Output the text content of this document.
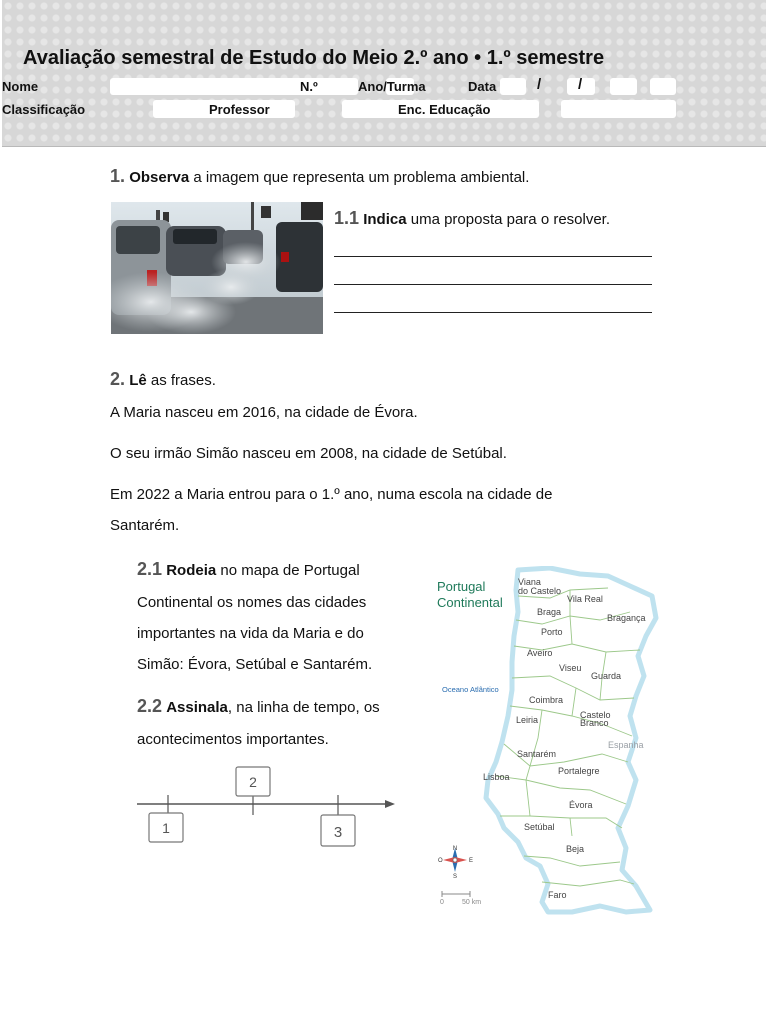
Avaliação semestral de Estudo do Meio 2.º ano • 1.º semestre
Nome	N.º	Ano/Turma	Data	/ /
Classificação	Professor	Enc. Educação
1. Observa a imagem que representa um problema ambiental.
1.1 Indica uma proposta para o resolver.
2. Lê as frases.
A Maria nasceu em 2016, na cidade de Évora.
O seu irmão Simão nasceu em 2008, na cidade de Setúbal.
Em 2022 a Maria entrou para o 1.º ano, numa escola na cidade de
Santarém.
2.1 Rodeia no mapa de Portugal
Continental os nomes das cidades
importantes na vida da Maria e do
Simão: Évora, Setúbal e Santarém.
2.2 Assinala, na linha de tempo, os
acontecimentos importantes.
1
2
3
Portugal
Continental
Oceano Atlântico
Espanha
Viana
do Castelo
Vila Real
Braga
Bragança
Porto
Aveiro
Viseu
Guarda
Coimbra
Leiria	Castelo
Branco
Santarém
Lisboa
Portalegre
Évora
Setúbal
Beja
Faro
N
E
S
O
0	50 km
